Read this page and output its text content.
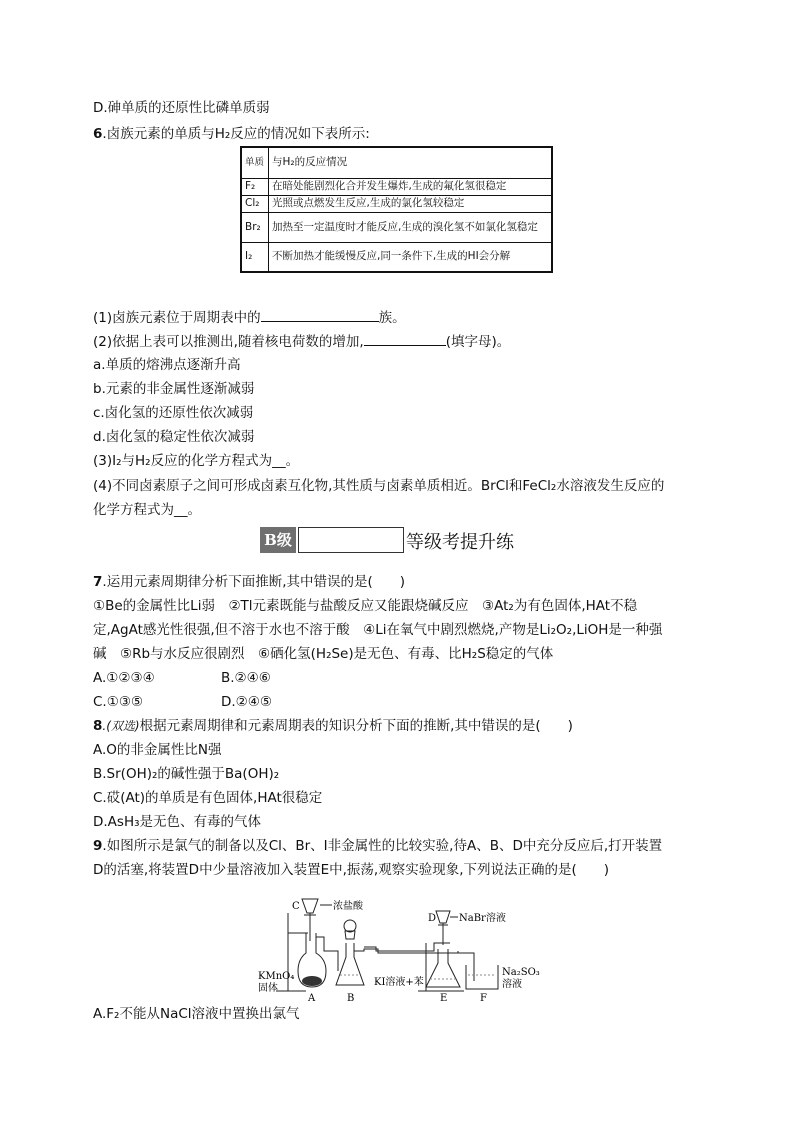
D.砷单质的还原性比磷单质弱
6.卤族元素的单质与H₂反应的情况如下表所示:
单质	与H₂的反应情况
F₂	在暗处能剧烈化合并发生爆炸,生成的氟化氢很稳定
Cl₂	光照或点燃发生反应,生成的氯化氢较稳定
Br₂	加热至一定温度时才能反应,生成的溴化氢不如氯化氢稳定
I₂	不断加热才能缓慢反应,同一条件下,生成的HI会分解
(1)卤族元素位于周期表中的	族。
(2)依据上表可以推测出,随着核电荷数的增加,	(填字母)。
a.单质的熔沸点逐渐升高
b.元素的非金属性逐渐减弱
c.卤化氢的还原性依次减弱
d.卤化氢的稳定性依次减弱
(3)I₂与H₂反应的化学方程式为__。
(4)不同卤素原子之间可形成卤素互化物,其性质与卤素单质相近。BrCl和FeCl₂水溶液发生反应的
化学方程式为__。
B级	等级考提升练
7.运用元素周期律分析下面推断,其中错误的是(　　)
①Be的金属性比Li弱　②Tl元素既能与盐酸反应又能跟烧碱反应　③At₂为有色固体,HAt不稳
定,AgAt感光性很强,但不溶于水也不溶于酸　④Li在氧气中剧烈燃烧,产物是Li₂O₂,LiOH是一种强
碱　⑤Rb与水反应很剧烈　⑥硒化氢(H₂Se)是无色、有毒、比H₂S稳定的气体
A.①②③④	B.②④⑥
C.①③⑤	D.②④⑤
8.(双选)根据元素周期律和元素周期表的知识分析下面的推断,其中错误的是(　　)
A.O的非金属性比N强
B.Sr(OH)₂的碱性强于Ba(OH)₂
C.砹(At)的单质是有色固体,HAt很稳定
D.AsH₃是无色、有毒的气体
9.如图所示是氯气的制备以及Cl、Br、I非金属性的比较实验,待A、B、D中充分反应后,打开装置
D的活塞,将装置D中少量溶液加入装置E中,振荡,观察实验现象,下列说法正确的是(　　)
C	浓盐酸
D NaBr溶液
KMnO₄
固体
KI溶液+苯
Na₂SO₃
溶液
A	B	E	F
A.F₂不能从NaCl溶液中置换出氯气
